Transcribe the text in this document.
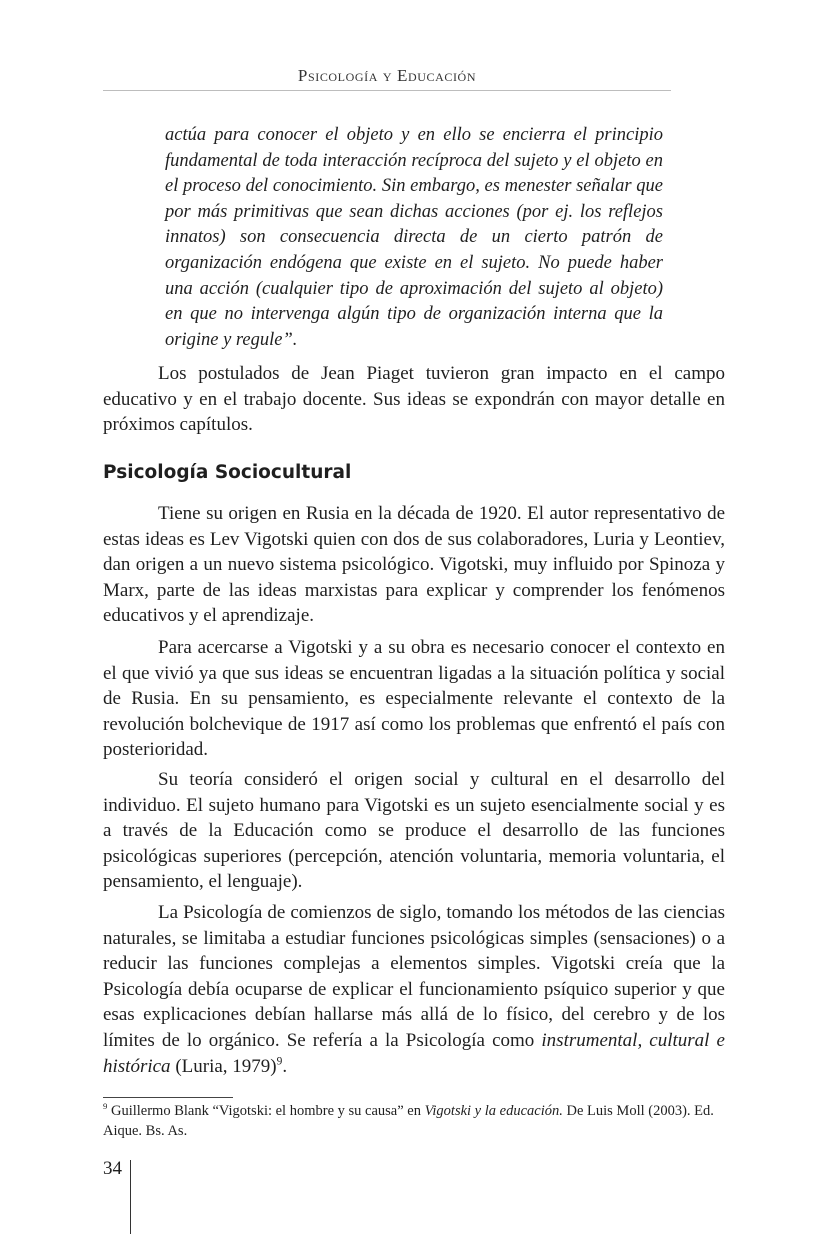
Psicología y Educación

actúa para conocer el objeto y en ello se encierra el principio fundamental de toda interacción recíproca del sujeto y el objeto en el proceso del conocimiento. Sin embargo, es menester señalar que por más primitivas que sean dichas acciones (por ej. los reflejos innatos) son consecuencia directa de un cierto patrón de organización endógena que existe en el sujeto. No puede haber una acción (cualquier tipo de aproximación del sujeto al objeto) en que no intervenga algún tipo de organización interna que la origine y regule”.

Los postulados de Jean Piaget tuvieron gran impacto en el campo educativo y en el trabajo docente. Sus ideas se expondrán con mayor detalle en próximos capítulos.

Psicología Sociocultural

Tiene su origen en Rusia en la década de 1920. El autor representativo de estas ideas es Lev Vigotski quien con dos de sus colaboradores, Luria y Leontiev, dan origen a un nuevo sistema psicológico. Vigotski, muy influido por Spinoza y Marx, parte de las ideas marxistas para explicar y comprender los fenómenos educativos y el aprendizaje.

Para acercarse a Vigotski y a su obra es necesario conocer el contexto en el que vivió ya que sus ideas se encuentran ligadas a la situación política y social de Rusia. En su pensamiento, es especialmente relevante el contexto de la revolución bolchevique de 1917 así como los problemas que enfrentó el país con posterioridad.

Su teoría consideró el origen social y cultural en el desarrollo del individuo. El sujeto humano para Vigotski es un sujeto esencialmente social y es a través de la Educación como se produce el desarrollo de las funciones psicológicas superiores (percepción, atención voluntaria, memoria voluntaria, el pensamiento, el lenguaje).

La Psicología de comienzos de siglo, tomando los métodos de las ciencias naturales, se limitaba a estudiar funciones psicológicas simples (sensaciones) o a reducir las funciones complejas a elementos simples. Vigotski creía que la Psicología debía ocuparse de explicar el funcionamiento psíquico superior y que esas explicaciones debían hallarse más allá de lo físico, del cerebro y de los límites de lo orgánico. Se refería a la Psicología como instrumental, cultural e histórica (Luria, 1979)$^9$.

$^9$ Guillermo Blank “Vigotski: el hombre y su causa” en Vigotski y la educación. De Luis Moll (2003). Ed. Aique. Bs. As.

34
